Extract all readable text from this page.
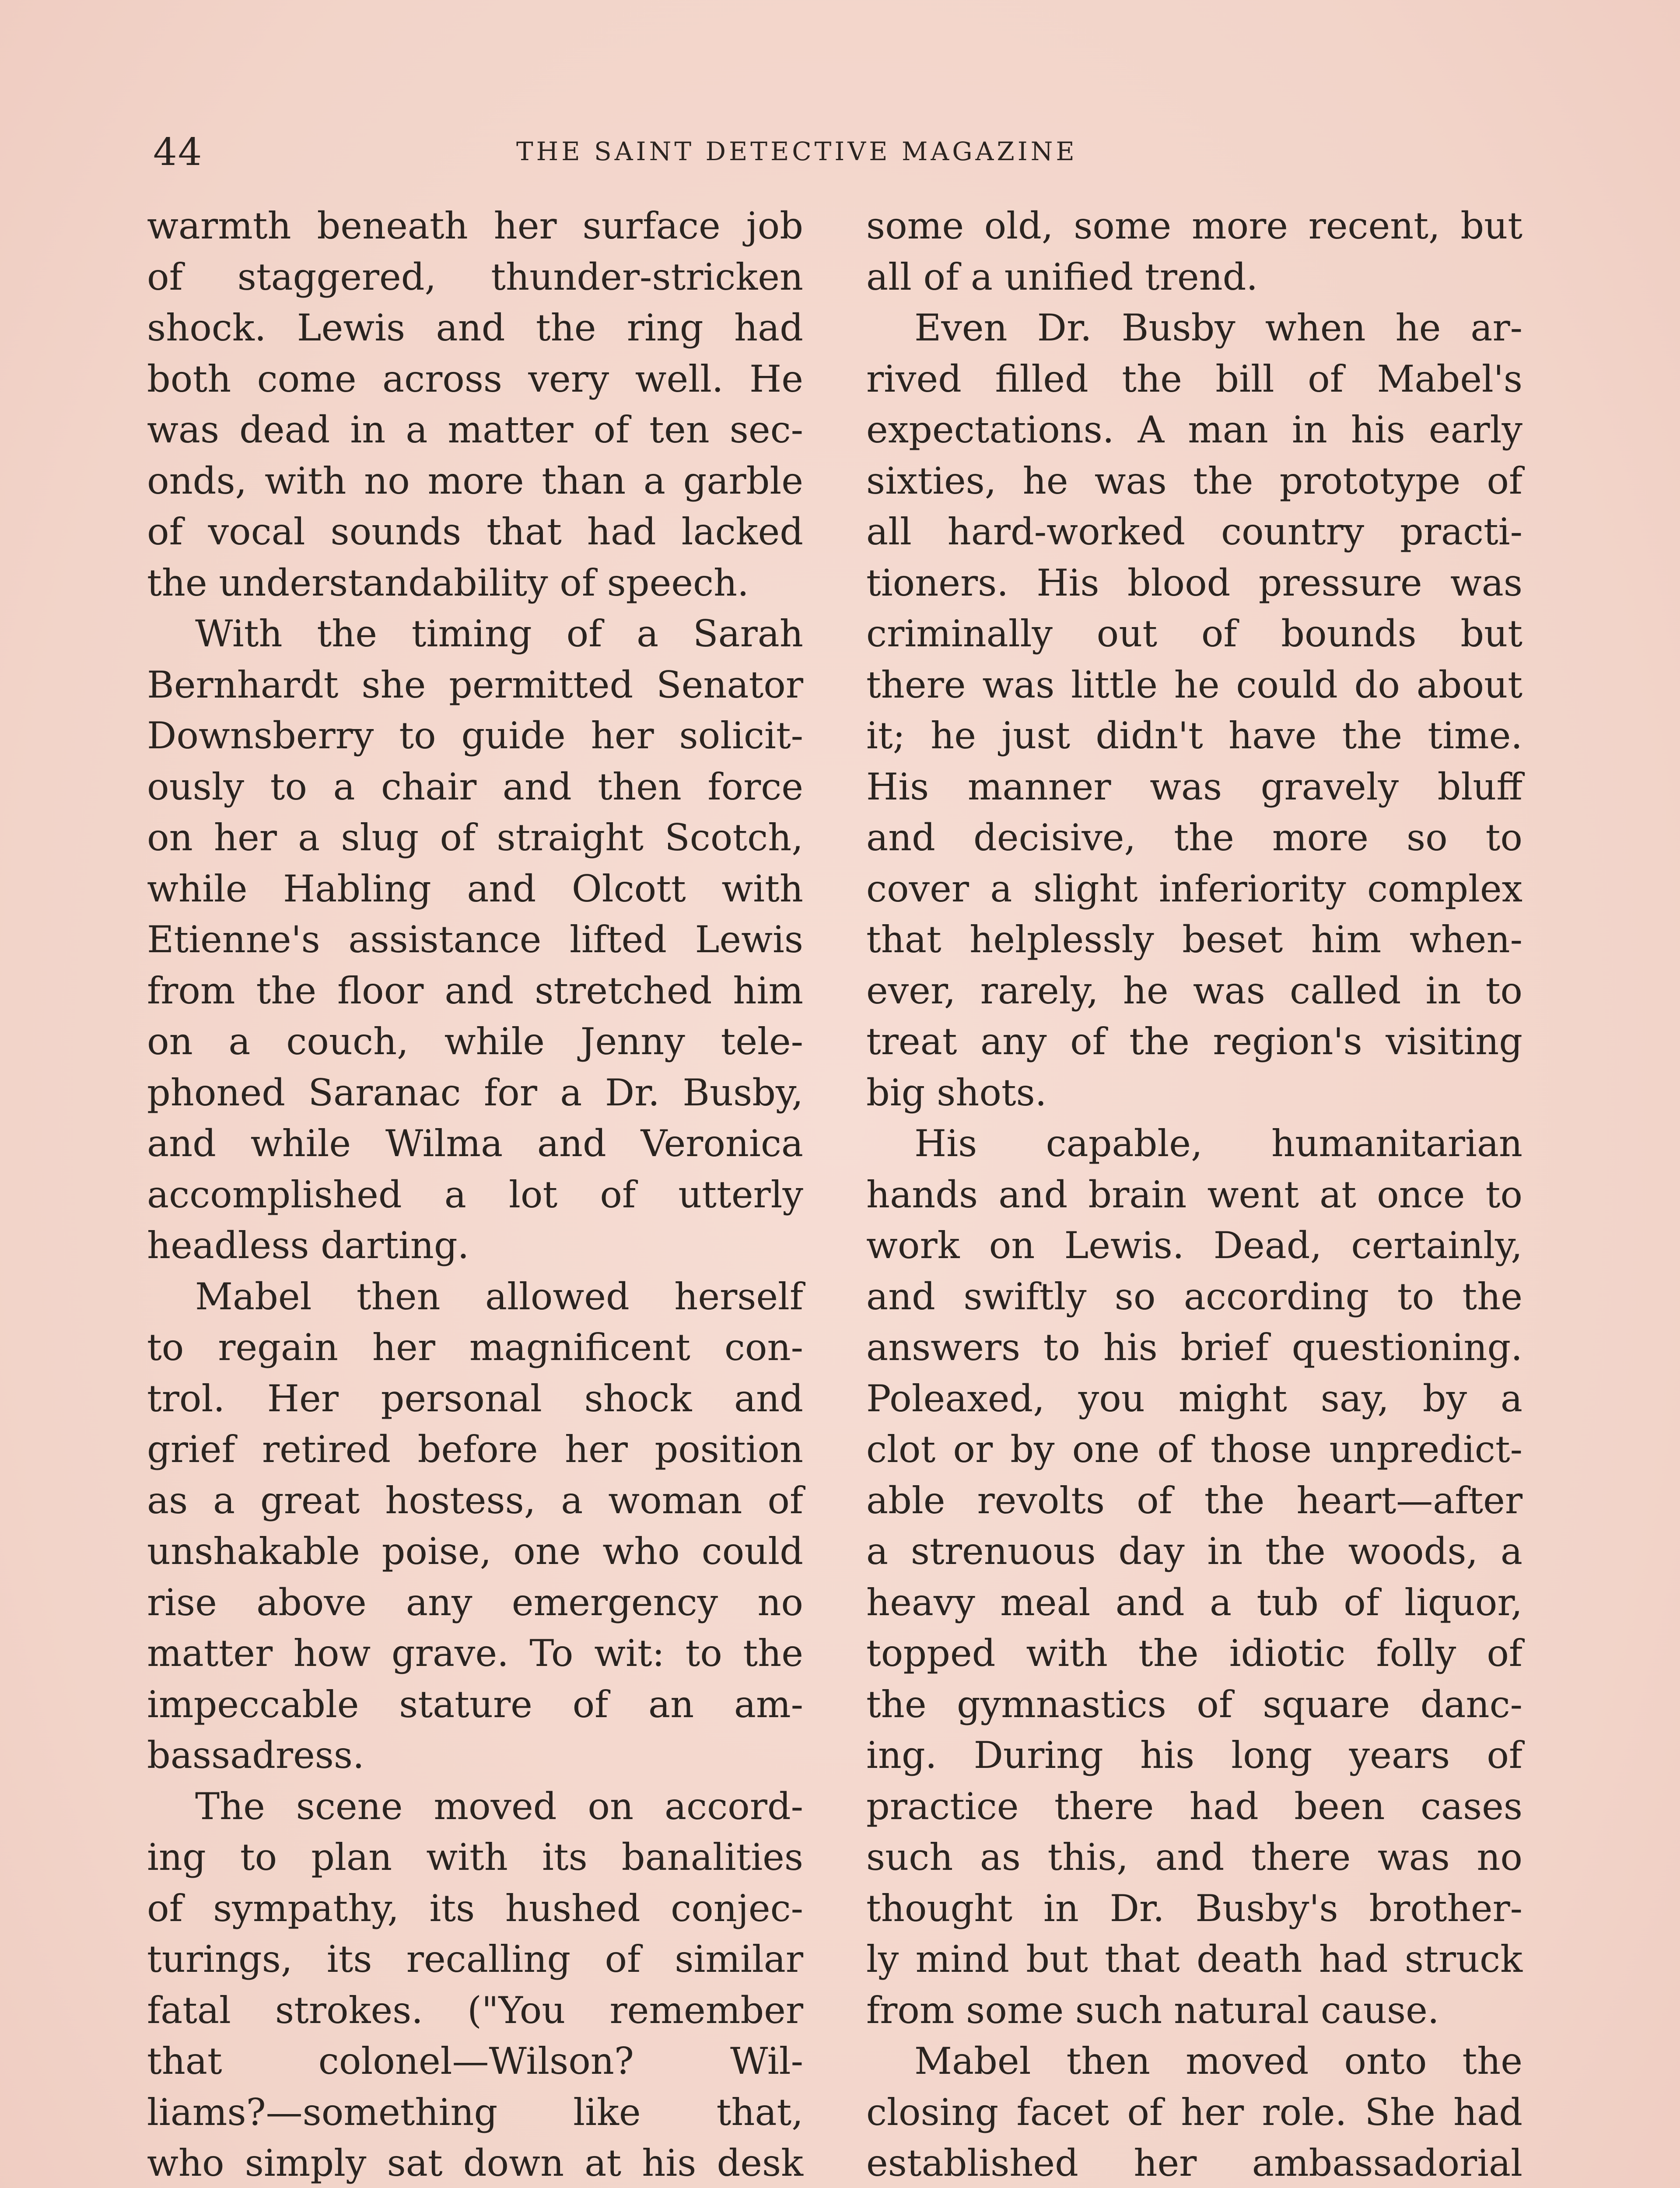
44	THE SAINT DETECTIVE MAGAZINE
warmth beneath her surface job
of staggered, thunder-stricken
shock. Lewis and the ring had
both come across very well. He
was dead in a matter of ten sec-
onds, with no more than a garble
of vocal sounds that had lacked
the understandability of speech.
With the timing of a Sarah
Bernhardt she permitted Senator
Downsberry to guide her solicit-
ously to a chair and then force
on her a slug of straight Scotch,
while Habling and Olcott with
Etienne's assistance lifted Lewis
from the floor and stretched him
on a couch, while Jenny tele-
phoned Saranac for a Dr. Busby,
and while Wilma and Veronica
accomplished a lot of utterly
headless darting.
Mabel then allowed herself
to regain her magnificent con-
trol. Her personal shock and
grief retired before her position
as a great hostess, a woman of
unshakable poise, one who could
rise above any emergency no
matter how grave. To wit: to the
impeccable stature of an am-
bassadress.
The scene moved on accord-
ing to plan with its banalities
of sympathy, its hushed conjec-
turings, its recalling of similar
fatal strokes. ("You remember
that colonel—Wilson? Wil-
liams?—something like that,
who simply sat down at his desk
some old, some more recent, but
all of a unified trend.
Even Dr. Busby when he ar-
rived filled the bill of Mabel's
expectations. A man in his early
sixties, he was the prototype of
all hard-worked country practi-
tioners. His blood pressure was
criminally out of bounds but
there was little he could do about
it; he just didn't have the time.
His manner was gravely bluff
and decisive, the more so to
cover a slight inferiority complex
that helplessly beset him when-
ever, rarely, he was called in to
treat any of the region's visiting
big shots.
His capable, humanitarian
hands and brain went at once to
work on Lewis. Dead, certainly,
and swiftly so according to the
answers to his brief questioning.
Poleaxed, you might say, by a
clot or by one of those unpredict-
able revolts of the heart—after
a strenuous day in the woods, a
heavy meal and a tub of liquor,
topped with the idiotic folly of
the gymnastics of square danc-
ing. During his long years of
practice there had been cases
such as this, and there was no
thought in Dr. Busby's brother-
ly mind but that death had struck
from some such natural cause.
Mabel then moved onto the
closing facet of her role. She had
established her ambassadorial
